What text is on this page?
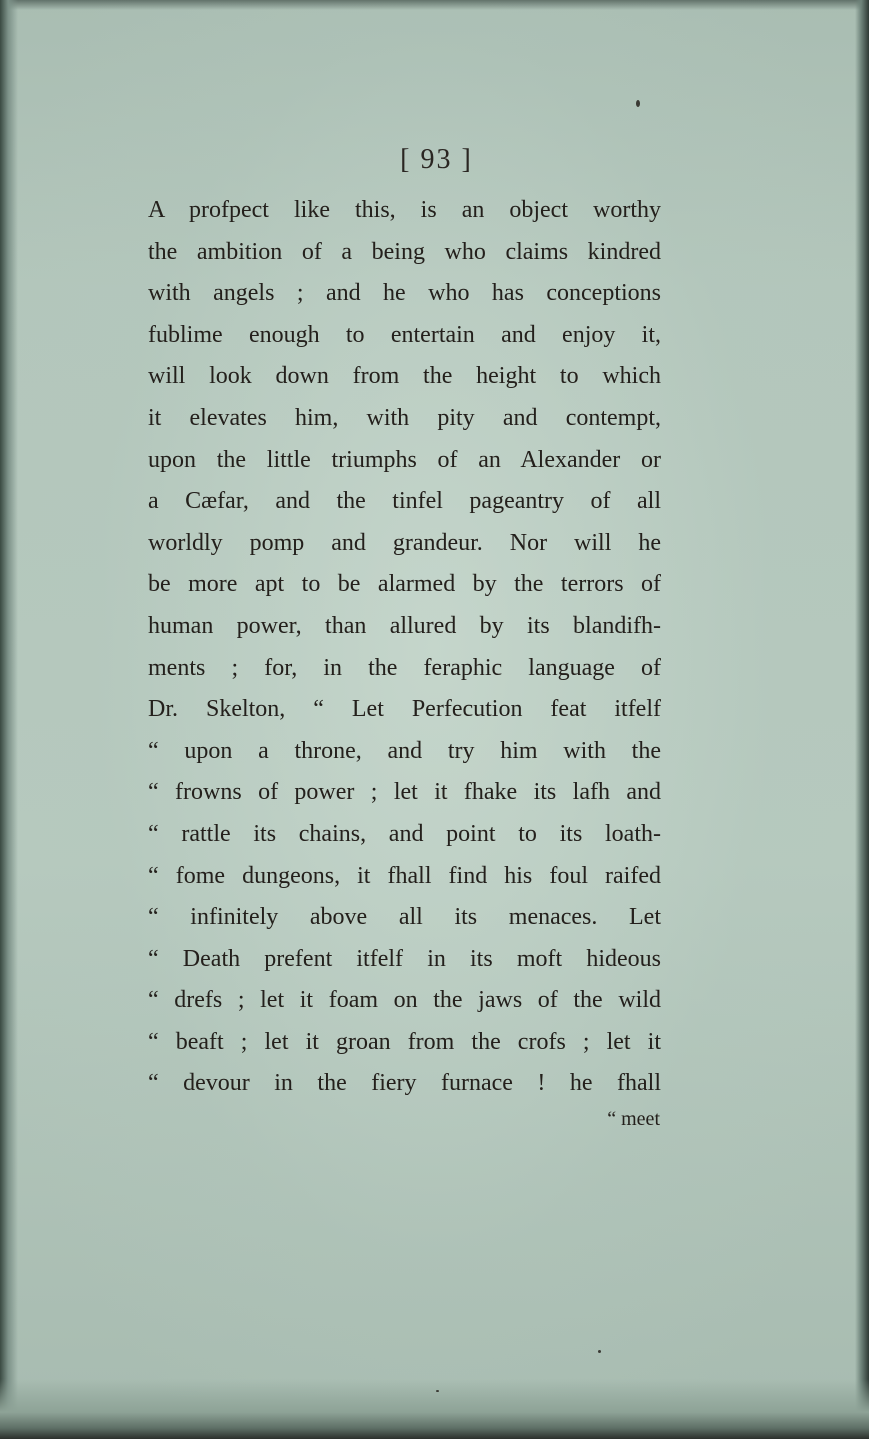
[ 93 ]
A profpect like this, is an object worthy
the ambition of a being who claims kindred
with angels ; and he who has conceptions
fublime enough to entertain and enjoy it,
will look down from the height to which
it elevates him, with pity and contempt,
upon the little triumphs of an Alexander or
a Cæfar, and the tinfel pageantry of all
worldly pomp and grandeur. Nor will he
be more apt to be alarmed by the terrors of
human power, than allured by its blandifh-
ments ; for, in the feraphic language of
Dr. Skelton, “ Let Perfecution feat itfelf
“ upon a throne, and try him with the
“ frowns of power ; let it fhake its lafh and
“ rattle its chains, and point to its loath-
“ fome dungeons, it fhall find his foul raifed
“ infinitely above all its menaces. Let
“ Death prefent itfelf in its moft hideous
“ drefs ; let it foam on the jaws of the wild
“ beaft ; let it groan from the crofs ; let it
“ devour in the fiery furnace ! he fhall

“ meet
